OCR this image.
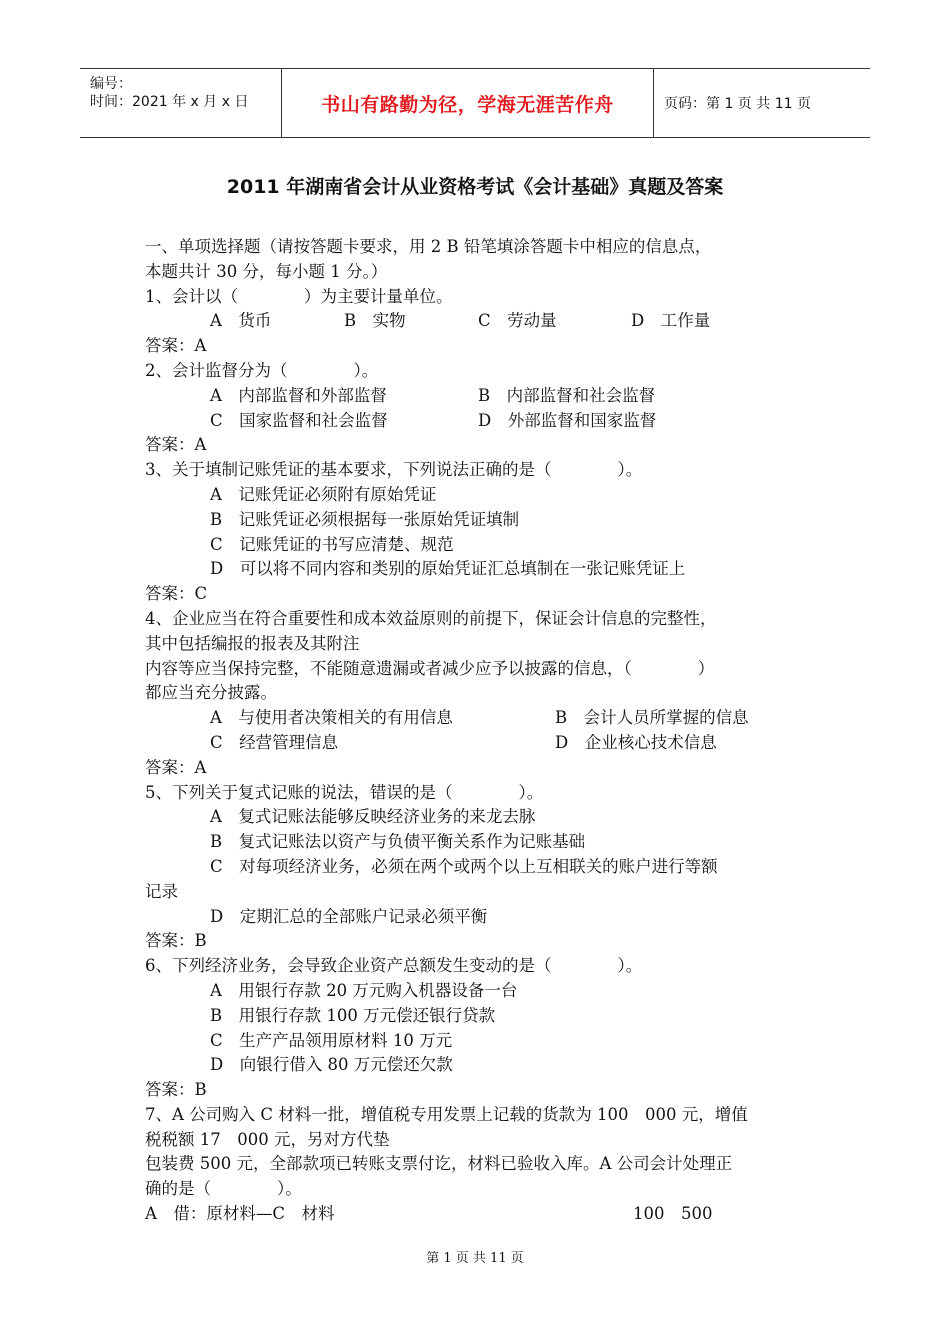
编号：
时间：2021 年 x 月 x 日	书山有路勤为径，学海无涯苦作舟	页码：第 1 页 共 11 页
2011 年湖南省会计从业资格考试《会计基础》真题及答案
一、单项选择题（请按答题卡要求，用 2 B 铅笔填涂答题卡中相应的信息点，
本题共计 30 分，每小题 1 分。）
1、会计以（　　　　）为主要计量单位。
A　货币	B　实物	C　劳动量	D　工作量
答案：A
2、会计监督分为（　　　　）。
A　内部监督和外部监督	B　内部监督和社会监督
C　国家监督和社会监督	D　外部监督和国家监督
答案：A
3、关于填制记账凭证的基本要求，下列说法正确的是（　　　　）。
A　记账凭证必须附有原始凭证
B　记账凭证必须根据每一张原始凭证填制
C　记账凭证的书写应清楚、规范
D　可以将不同内容和类别的原始凭证汇总填制在一张记账凭证上
答案：C
4、企业应当在符合重要性和成本效益原则的前提下，保证会计信息的完整性，
其中包括编报的报表及其附注
内容等应当保持完整，不能随意遗漏或者减少应予以披露的信息，（　　　　）
都应当充分披露。
A　与使用者决策相关的有用信息	B　会计人员所掌握的信息
C　经营管理信息	D　企业核心技术信息
答案：A
5、下列关于复式记账的说法，错误的是（　　　　）。
A　复式记账法能够反映经济业务的来龙去脉
B　复式记账法以资产与负债平衡关系作为记账基础
C　对每项经济业务，必须在两个或两个以上互相联关的账户进行等额
记录
D　定期汇总的全部账户记录必须平衡
答案：B
6、下列经济业务，会导致企业资产总额发生变动的是（　　　　）。
A　用银行存款 20 万元购入机器设备一台
B　用银行存款 100 万元偿还银行贷款
C　生产产品领用原材料 10 万元
D　向银行借入 80 万元偿还欠款
答案：B
7、A 公司购入 C 材料一批，增值税专用发票上记载的货款为 100　000 元，增值
税税额 17　000 元，另对方代垫
包装费 500 元，全部款项已转账支票付讫，材料已验收入库。A 公司会计处理正
确的是（　　　　）。
A　借：原材料—C　材料	100　500
第 1 页 共 11 页
